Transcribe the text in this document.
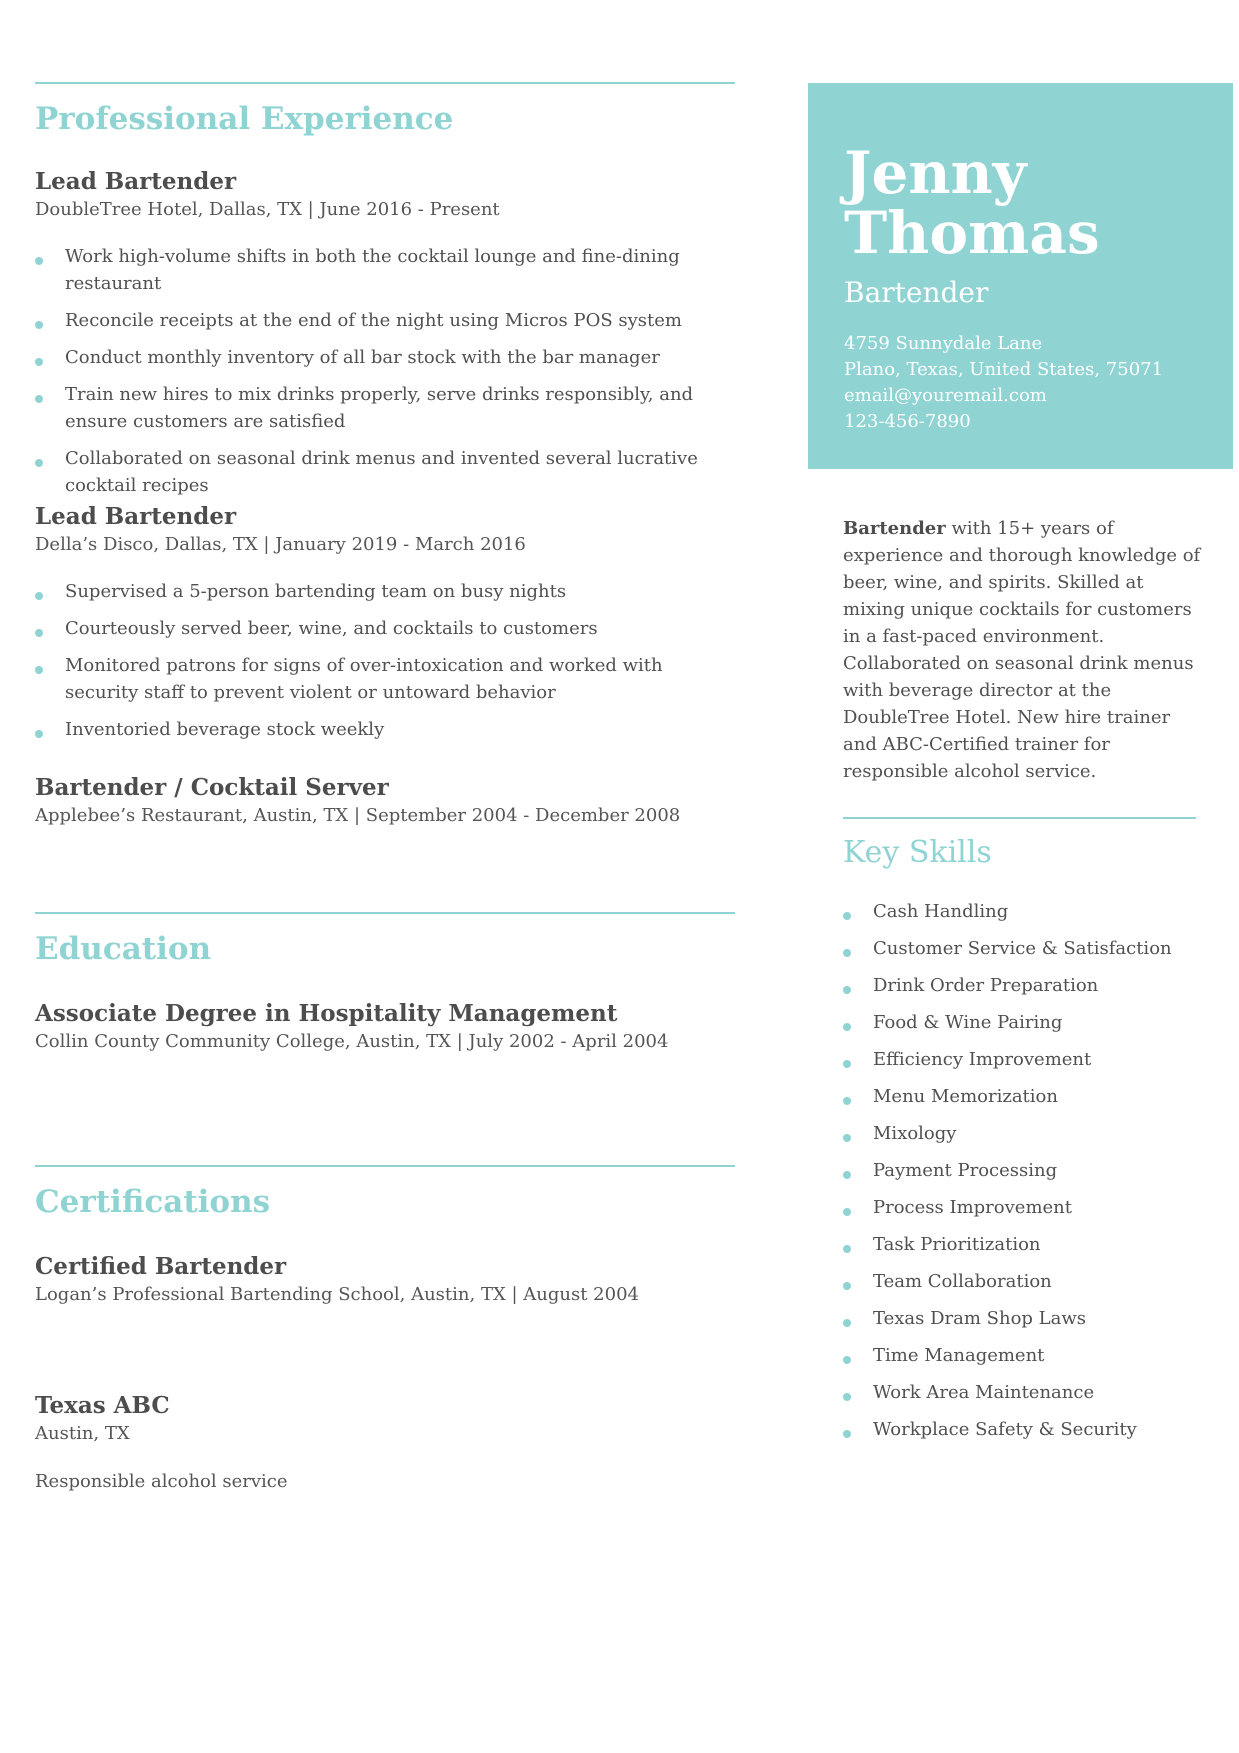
Professional Experience

Lead Bartender

DoubleTree Hotel, Dallas, TX | June 2016 - Present

Work high-volume shifts in both the cocktail lounge and fine-dining restaurant
Reconcile receipts at the end of the night using Micros POS system
Conduct monthly inventory of all bar stock with the bar manager
Train new hires to mix drinks properly, serve drinks responsibly, and ensure customers are satisfied
Collaborated on seasonal drink menus and invented several lucrative cocktail recipes

Lead Bartender

Della’s Disco, Dallas, TX | January 2019 - March 2016

Supervised a 5-person bartending team on busy nights
Courteously served beer, wine, and cocktails to customers
Monitored patrons for signs of over-intoxication and worked with security staff to prevent violent or untoward behavior
Inventoried beverage stock weekly

Bartender / Cocktail Server

Applebee’s Restaurant, Austin, TX | September 2004 - December 2008

Education

Associate Degree in Hospitality Management

Collin County Community College, Austin, TX | July 2002 - April 2004

Certifications

Certified Bartender

Logan’s Professional Bartending School, Austin, TX | August 2004

Texas ABC

Austin, TX

Responsible alcohol service

Jenny
Thomas

Bartender

4759 Sunnydale Lane
Plano, Texas, United States, 75071
email@youremail.com
123-456-7890

Bartender with 15+ years of experience and thorough knowledge of beer, wine, and spirits. Skilled at mixing unique cocktails for customers in a fast-paced environment. Collaborated on seasonal drink menus with beverage director at the DoubleTree Hotel. New hire trainer and ABC-Certified trainer for responsible alcohol service.

Key Skills
Cash Handling
Customer Service & Satisfaction
Drink Order Preparation
Food & Wine Pairing
Efficiency Improvement
Menu Memorization
Mixology
Payment Processing
Process Improvement
Task Prioritization
Team Collaboration
Texas Dram Shop Laws
Time Management
Work Area Maintenance
Workplace Safety & Security
